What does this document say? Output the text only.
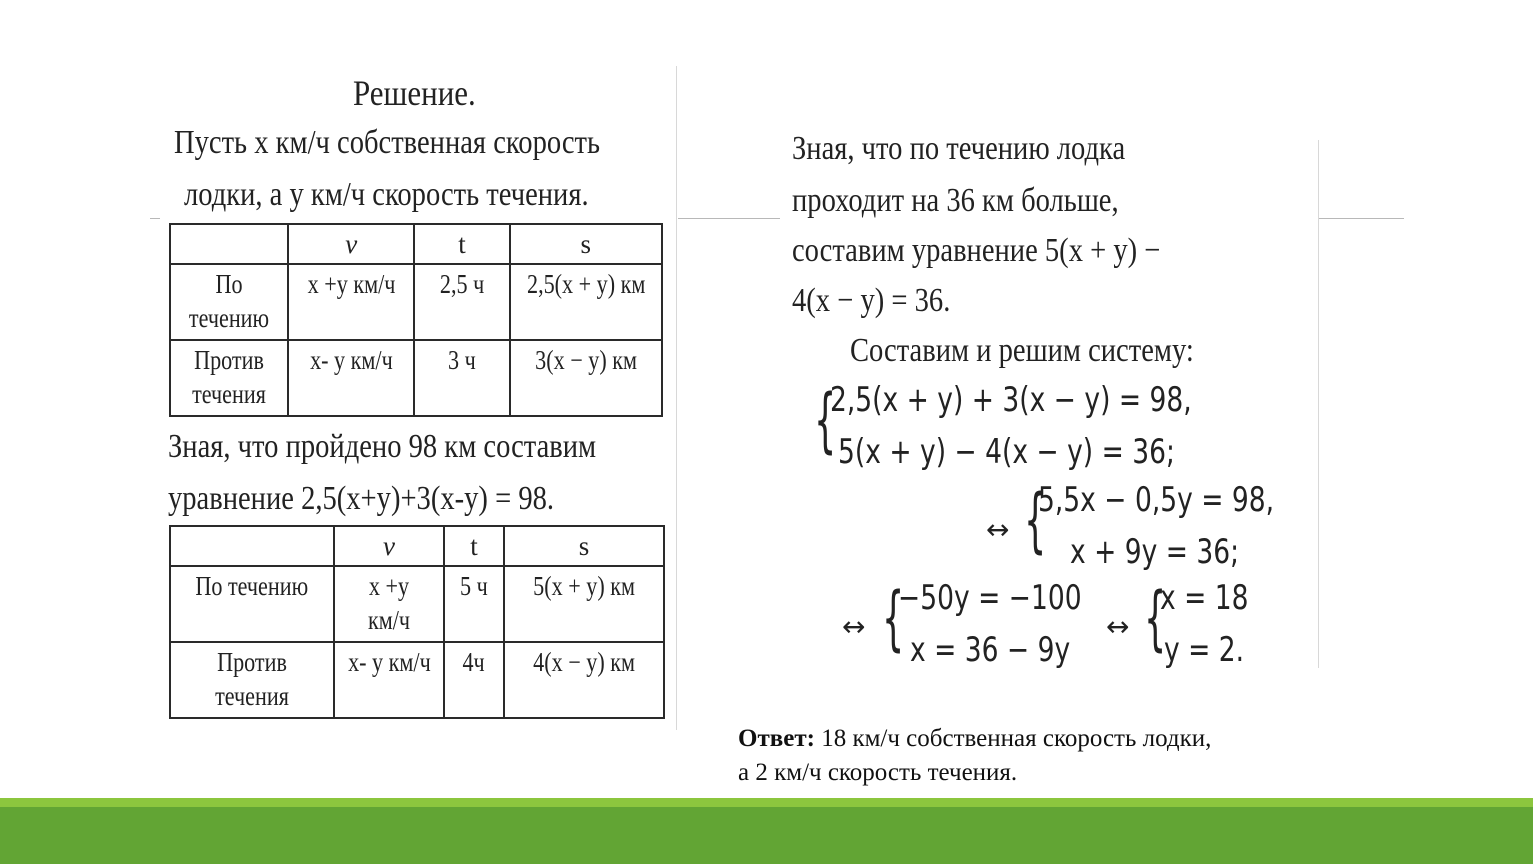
Решение.
Пусть x км/ч собственная скорость
лодки, а y км/ч скорость течения.
	v	t	s
По течению	x +y км/ч	2,5 ч	2,5(x + y) км
Против течения	x- y км/ч	3 ч	3(x − y) км
Зная, что пройдено 98 км составим
уравнение 2,5(x+y)+3(x-y) = 98.
	v	t	s
По течению	x +y км/ч	5 ч	5(x + y) км
Против течения	x- y км/ч	4ч	4(x − y) км
Зная, что по течению лодка
проходит на 36 км больше,
составим уравнение 5(x + y) −
4(x − y) = 36.
Составим и решим систему:
{
2,5(x + y) + 3(x − y) = 98,
5(x + y) − 4(x − y) = 36;
↔ {
5,5x − 0,5y = 98,
x + 9y = 36;
↔ {
−50y = −100
x = 36 − 9y
↔ {
x = 18
y = 2.
Ответ: 18 км/ч собственная скорость лодки,
а 2 км/ч скорость течения.
